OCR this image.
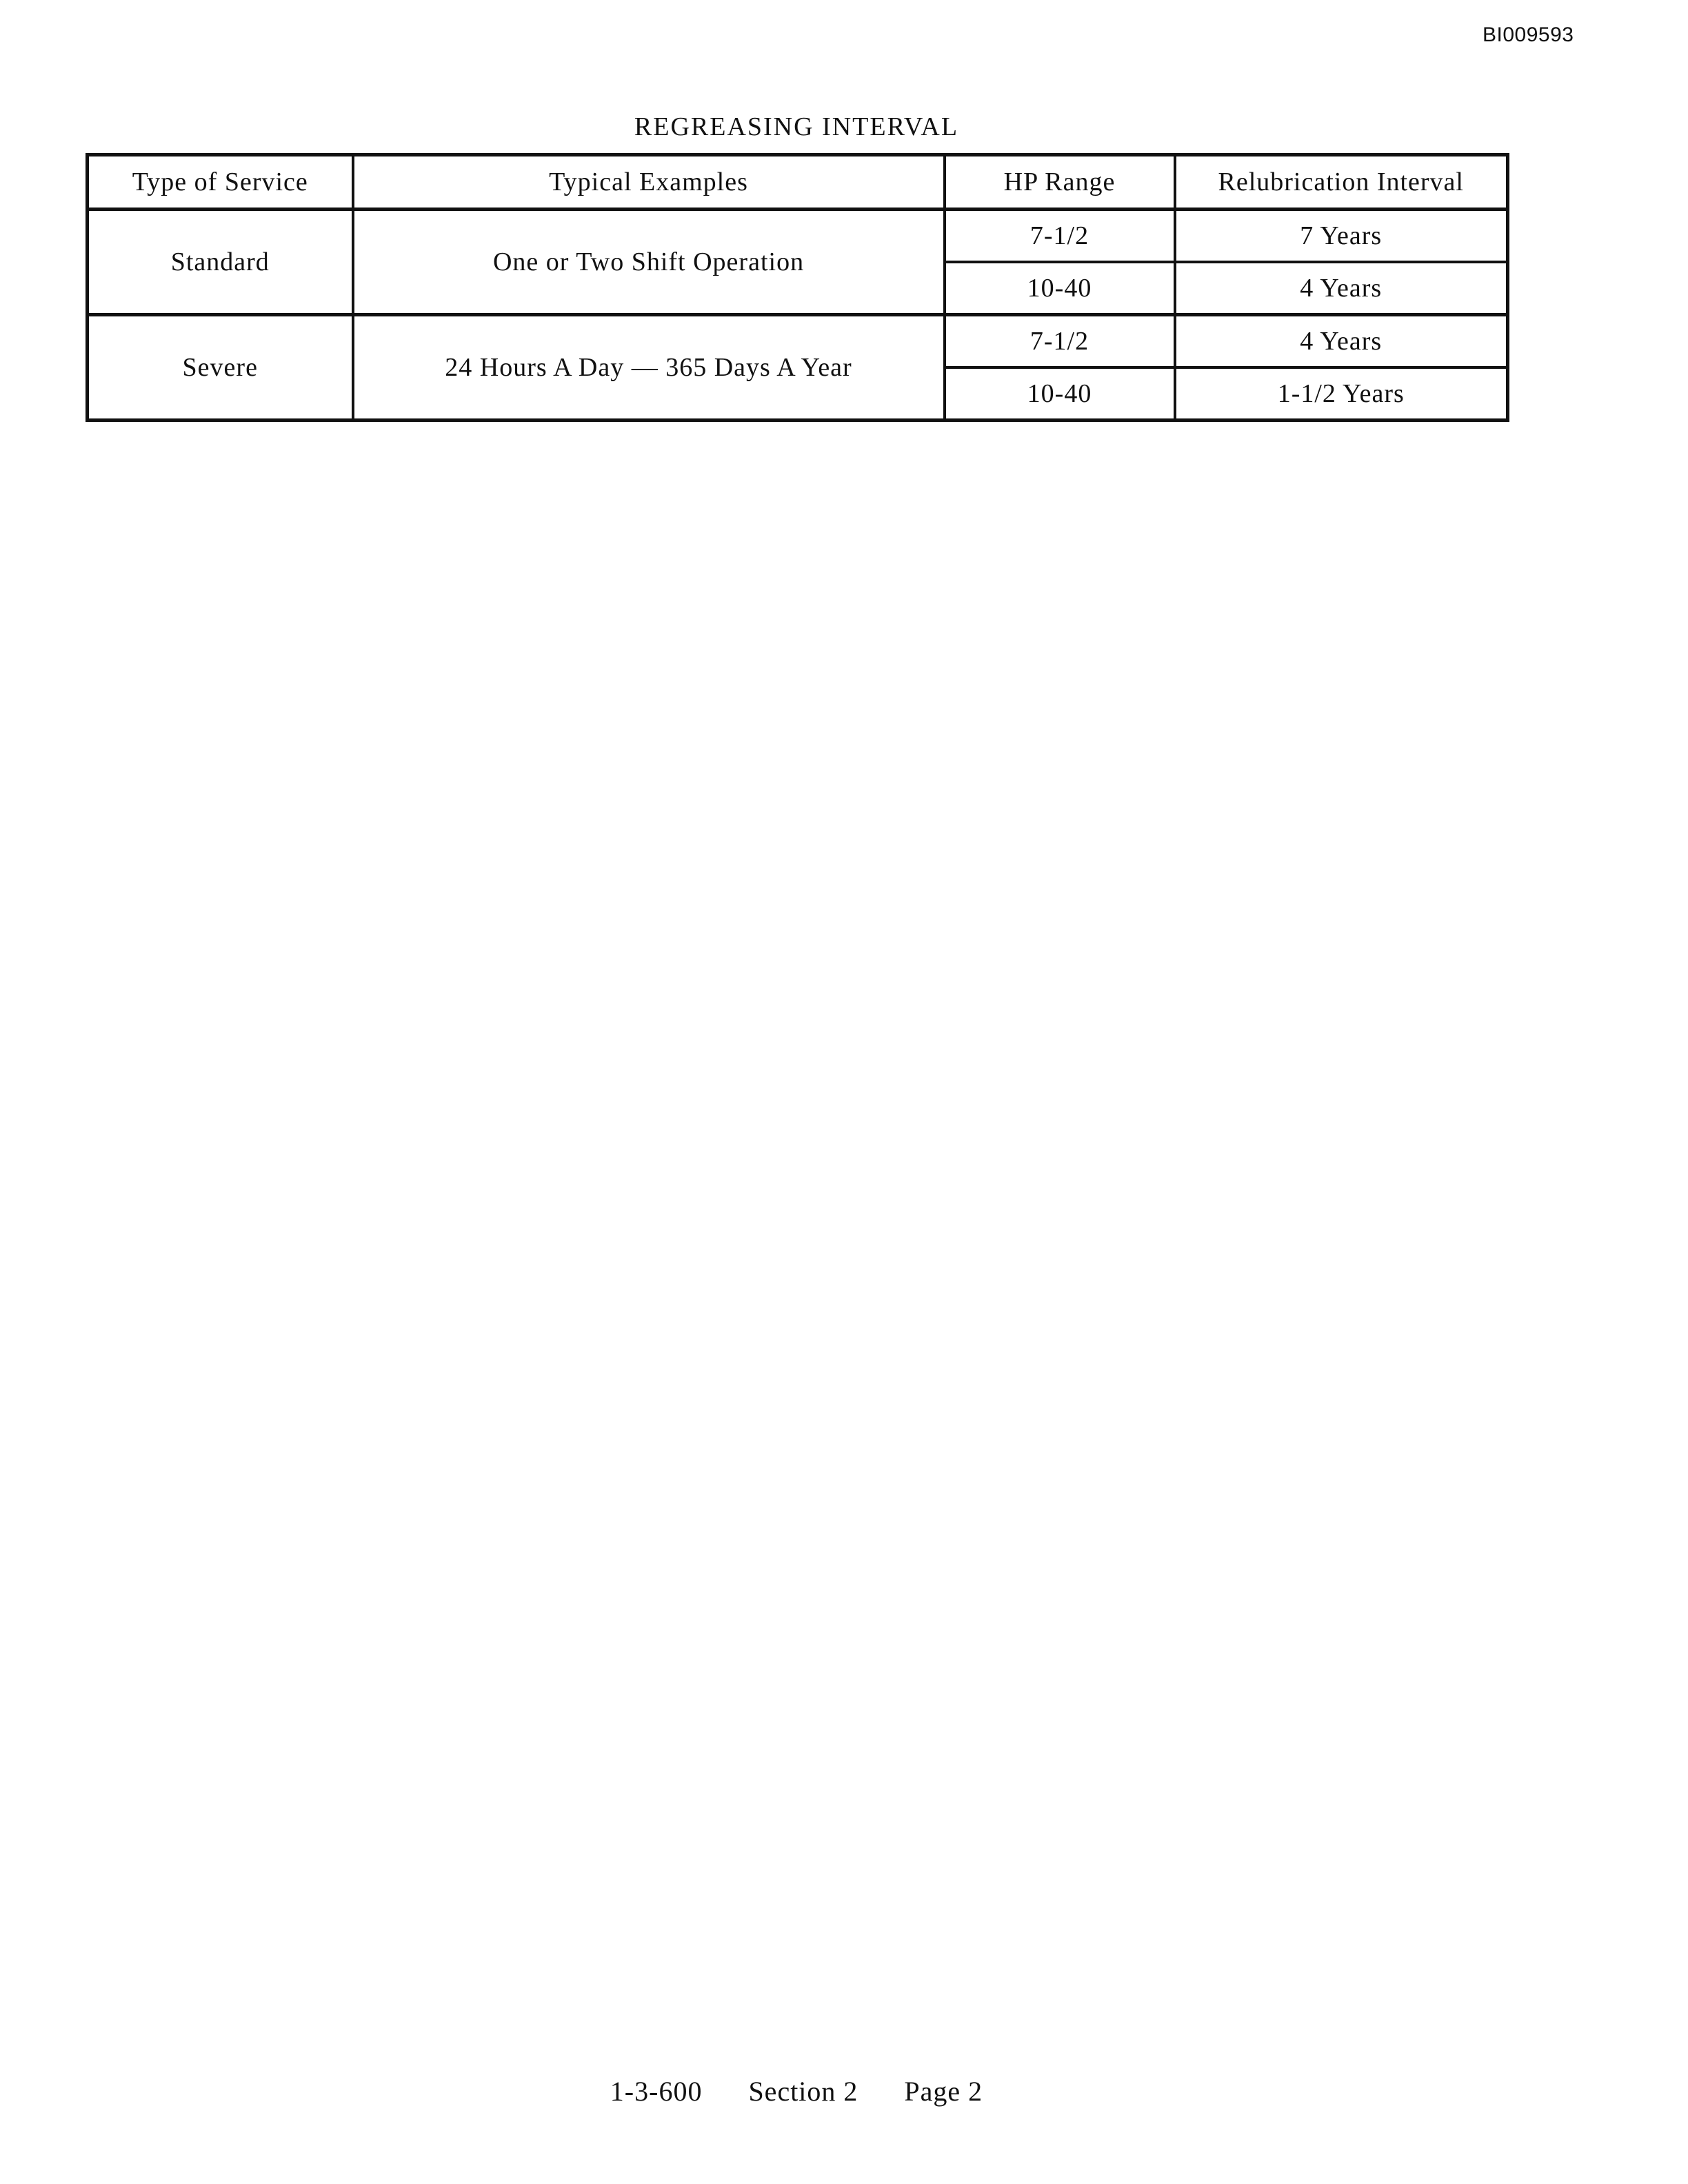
BI009593
REGREASING INTERVAL
Type of Service	Typical Examples	HP Range	Relubrication Interval
Standard	One or Two Shift Operation	7-1/2	7 Years
		10-40	4 Years
Severe	24 Hours A Day — 365 Days A Year	7-1/2	4 Years
		10-40	1-1/2 Years
1-3-600 Section 2 Page 2
